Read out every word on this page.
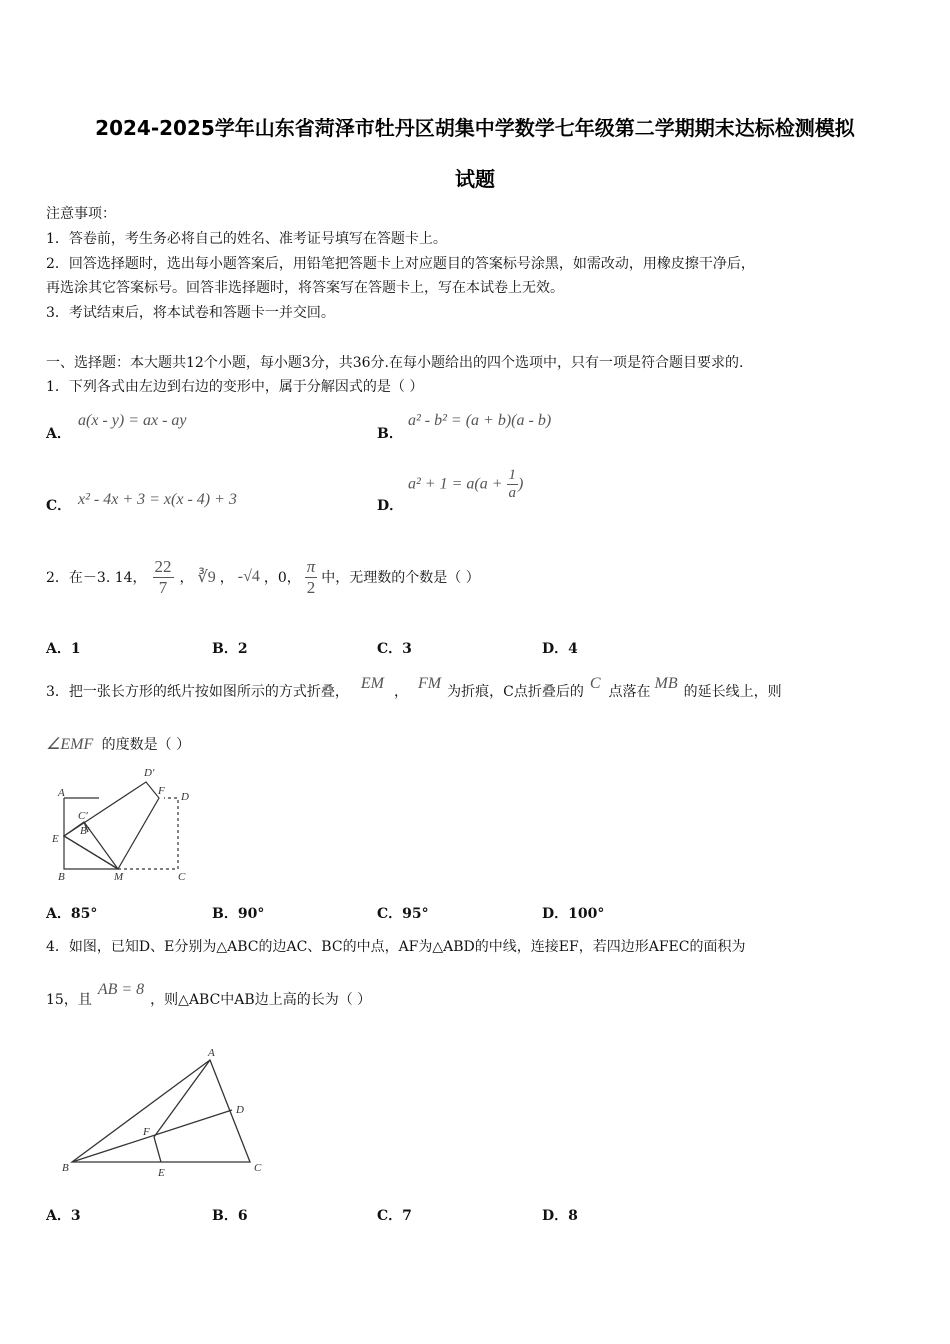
2024-2025学年山东省菏泽市牡丹区胡集中学数学七年级第二学期期末达标检测模拟
试题
注意事项：
1．答卷前，考生务必将自己的姓名、准考证号填写在答题卡上。
2．回答选择题时，选出每小题答案后，用铅笔把答题卡上对应题目的答案标号涂黑，如需改动，用橡皮擦干净后，
再选涂其它答案标号。回答非选择题时，将答案写在答题卡上，写在本试卷上无效。
3．考试结束后，将本试卷和答题卡一并交回。
一、选择题：本大题共12个小题，每小题3分，共36分.在每小题给出的四个选项中，只有一项是符合题目要求的.
1．下列各式由左边到右边的变形中，属于分解因式的是（ ）
A．
a(x - y) = ax - ay
B．
a² - b² = (a + b)(a - b)
C． x² - 4x + 3 = x(x - 4) + 3	D．
$a^2 + 1 = a(a + \frac{1}{a}$ )
2．在－3. 14， $\frac{22}{7}$ ， ∛9 ， -√4 ，0， $\frac{\pi}{2}$ 中，无理数的个数是（ ）
A．1	B．2	C．3	D．4
3．把一张长方形的纸片按如图所示的方式折叠， EM ， FM 为折痕，C点折叠后的 C 点落在 MB 的延长线上，则
∠EMF 的度数是（ ）
A
D′
F D
C′
B′
E
B	M	C
A．85°	B．90°	C．95°	D．100°
4．如图，已知D、E分别为△ABC的边AC、BC的中点，AF为△ABD的中线，连接EF，若四边形AFEC的面积为
15，且
AB = 8
，则△ABC中AB边上高的长为（ ）
A
B	C
D
E
F
A．3	B．6	C．7	D．8
